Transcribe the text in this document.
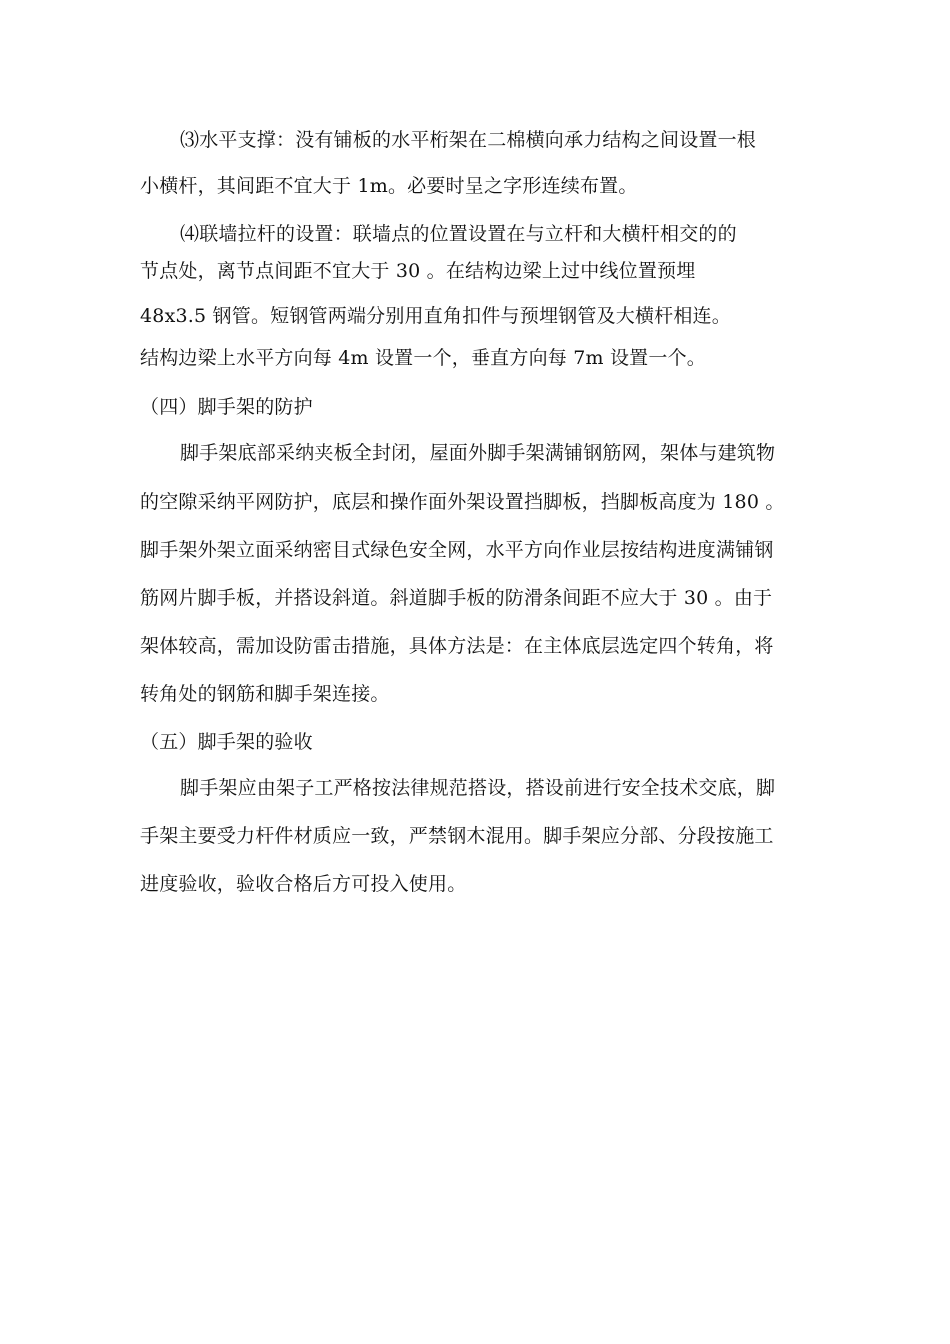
⑶水平支撑：没有铺板的水平桁架在二棉横向承力结构之间设置一根
小横杆，其间距不宜大于 1m。必要时呈之字形连续布置。
⑷联墙拉杆的设置：联墙点的位置设置在与立杆和大横杆相交的的
节点处，离节点间距不宜大于 30 。在结构边梁上过中线位置预埋
48x3.5 钢管。短钢管两端分别用直角扣件与预埋钢管及大横杆相连。
结构边梁上水平方向每 4m 设置一个，垂直方向每 7m 设置一个。
（四）脚手架的防护
脚手架底部采纳夹板全封闭，屋面外脚手架满铺钢筋网，架体与建筑物
的空隙采纳平网防护，底层和操作面外架设置挡脚板，挡脚板高度为 180 。
脚手架外架立面采纳密目式绿色安全网，水平方向作业层按结构进度满铺钢
筋网片脚手板，并搭设斜道。斜道脚手板的防滑条间距不应大于 30 。由于
架体较高，需加设防雷击措施，具体方法是：在主体底层选定四个转角，将
转角处的钢筋和脚手架连接。
（五）脚手架的验收
脚手架应由架子工严格按法律规范搭设，搭设前进行安全技术交底，脚
手架主要受力杆件材质应一致，严禁钢木混用。脚手架应分部、分段按施工
进度验收，验收合格后方可投入使用。
